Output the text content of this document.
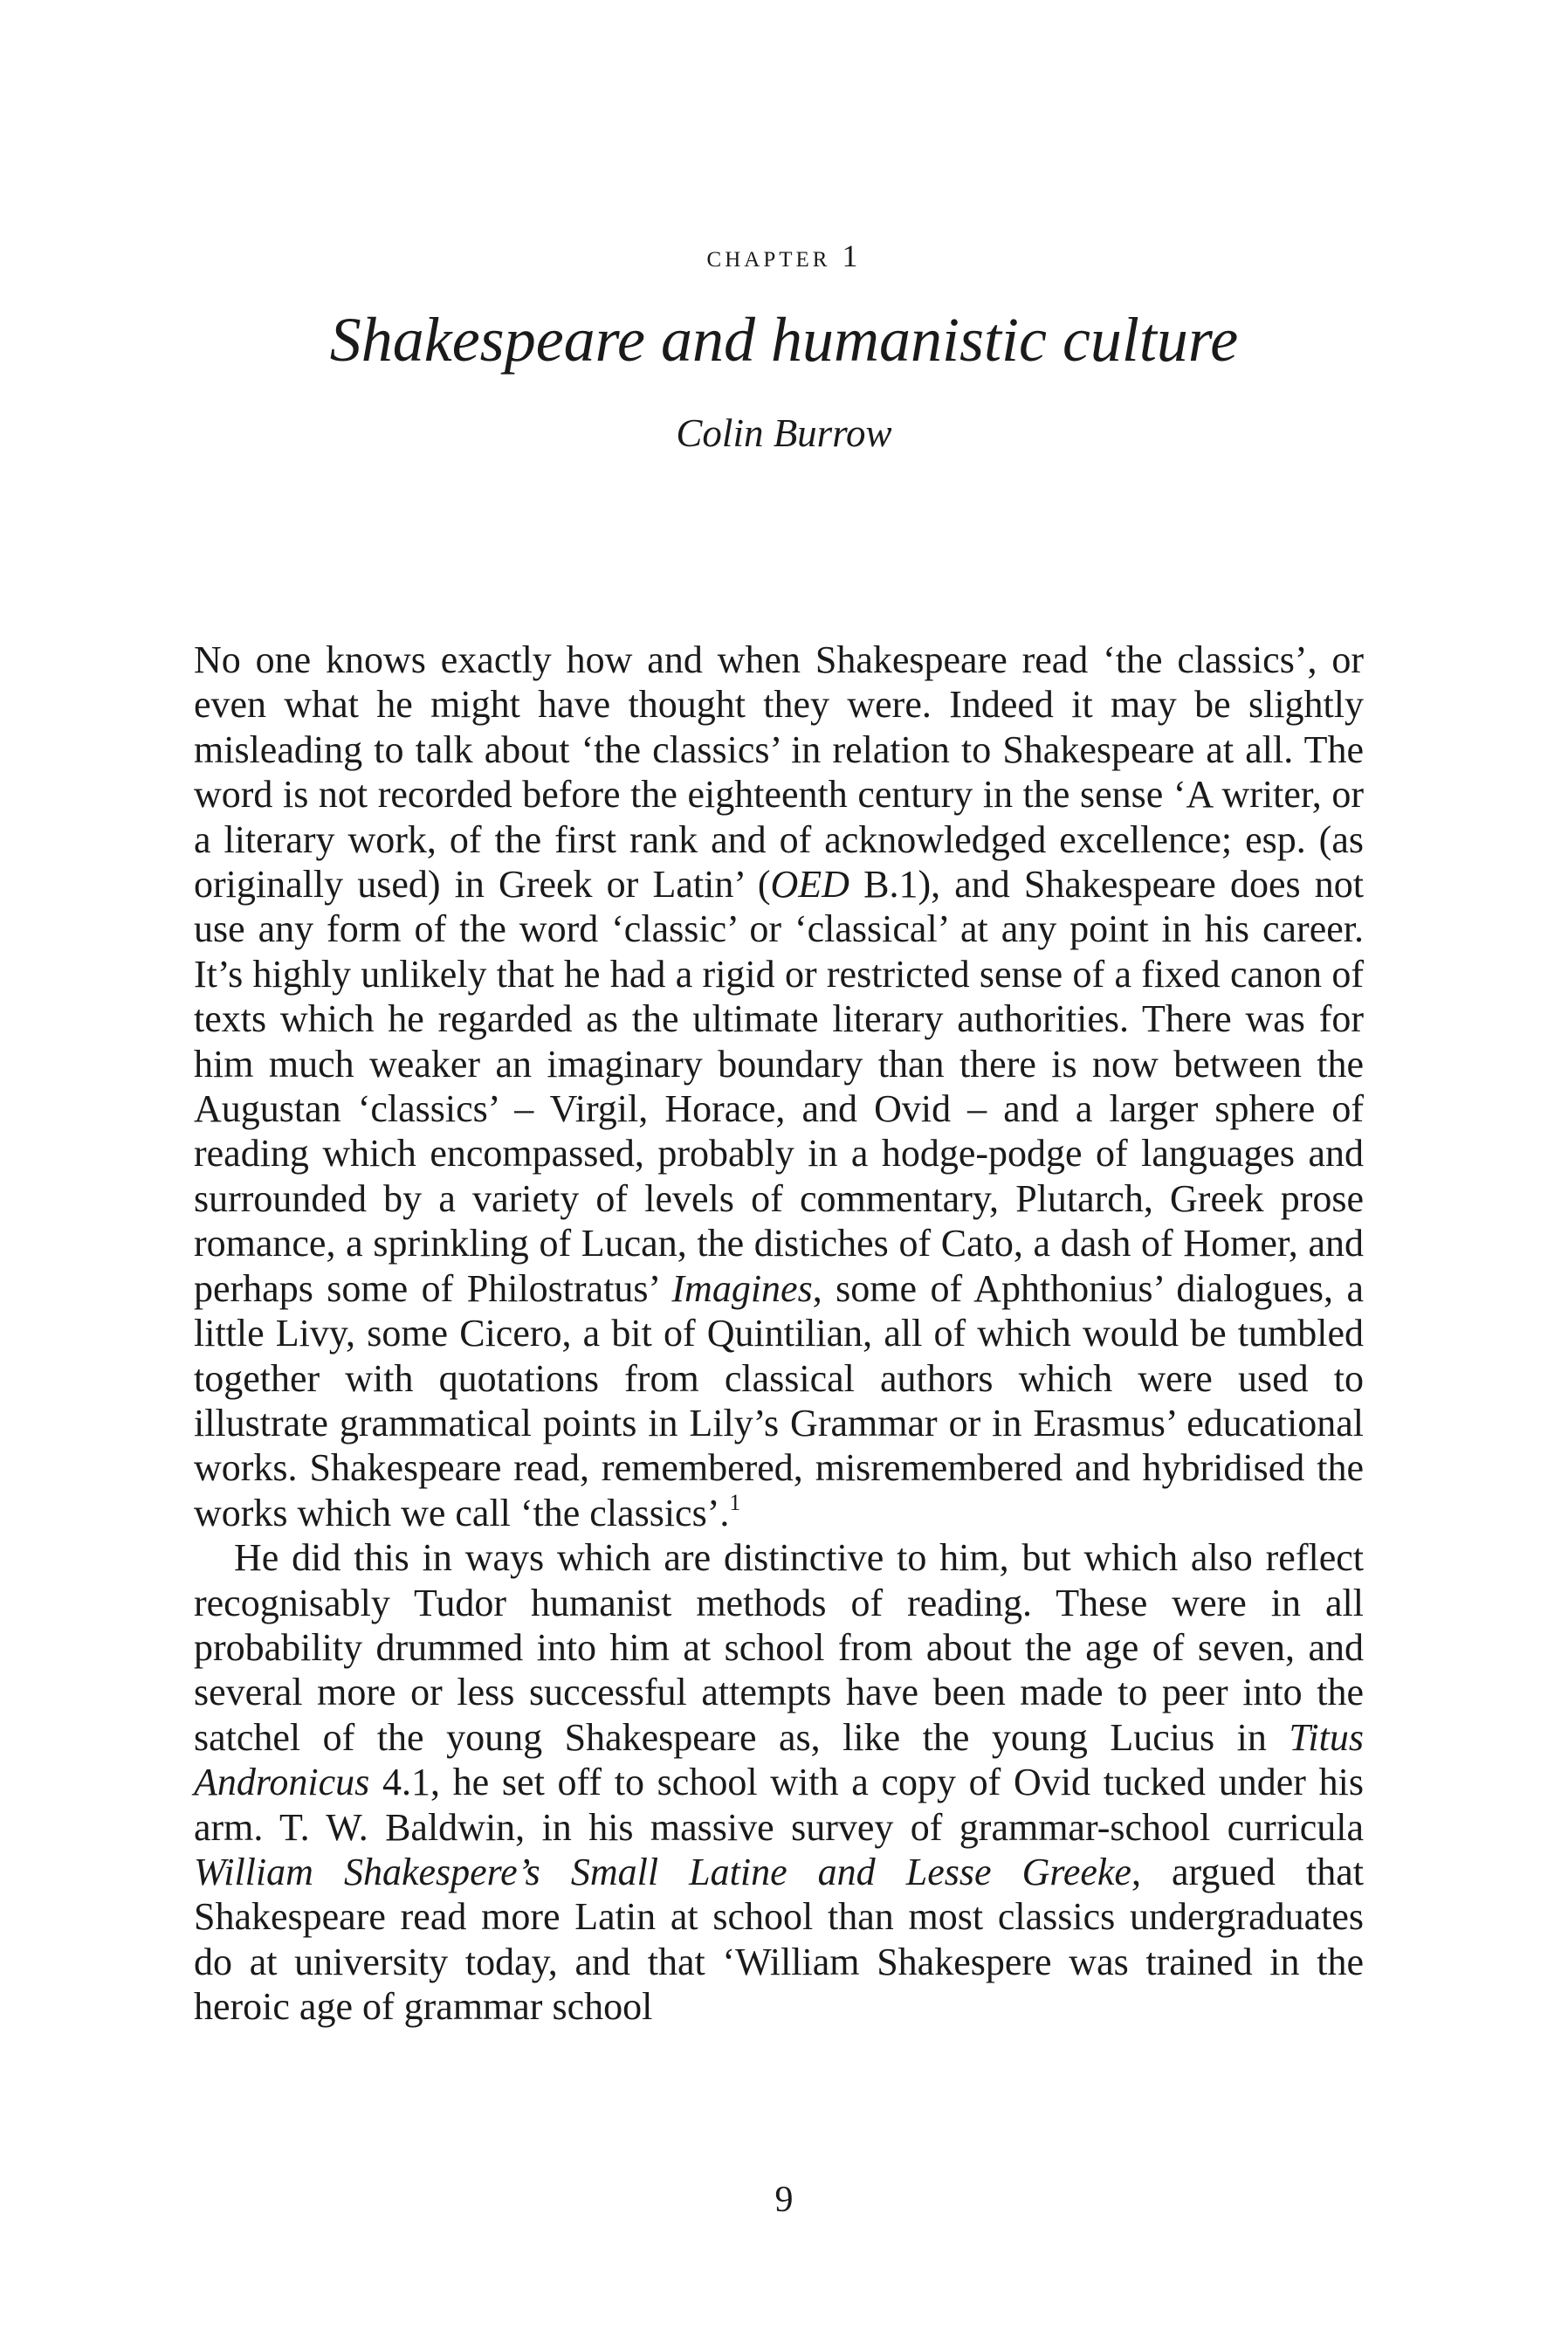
chapter 1
Shakespeare and humanistic culture
Colin Burrow

No one knows exactly how and when Shakespeare read ‘the classics’, or even what he might have thought they were. Indeed it may be slightly misleading to talk about ‘the classics’ in relation to Shakespeare at all. The word is not recorded before the eighteenth century in the sense ‘A writer, or a literary work, of the first rank and of acknowledged excellence; esp. (as originally used) in Greek or Latin’ (OED B.1), and Shakespeare does not use any form of the word ‘classic’ or ‘classical’ at any point in his career. It’s highly unlikely that he had a rigid or restricted sense of a fixed canon of texts which he regarded as the ultimate literary authorities. There was for him much weaker an imaginary boundary than there is now between the Augustan ‘classics’ – Virgil, Horace, and Ovid – and a larger sphere of reading which encompassed, probably in a hodge-podge of languages and surrounded by a variety of levels of commentary, Plutarch, Greek prose romance, a sprinkling of Lucan, the distiches of Cato, a dash of Homer, and perhaps some of Philostratus’ Imagines, some of Aphthonius’ dialogues, a little Livy, some Cicero, a bit of Quintilian, all of which would be tumbled together with quotations from classical authors which were used to illustrate grammatical points in Lily’s Grammar or in Erasmus’ educational works. Shakespeare read, remembered, misremembered and hybridised the works which we call ‘the classics’.$^1$

He did this in ways which are distinctive to him, but which also reflect recognisably Tudor humanist methods of reading. These were in all probability drummed into him at school from about the age of seven, and several more or less successful attempts have been made to peer into the satchel of the young Shakespeare as, like the young Lucius in Titus Andronicus 4.1, he set off to school with a copy of Ovid tucked under his arm. T. W. Baldwin, in his massive survey of grammar-school curricula William Shakespere’s Small Latine and Lesse Greeke, argued that Shakespeare read more Latin at school than most classics undergraduates do at university today, and that ‘William Shakespere was trained in the heroic age of grammar school

9
